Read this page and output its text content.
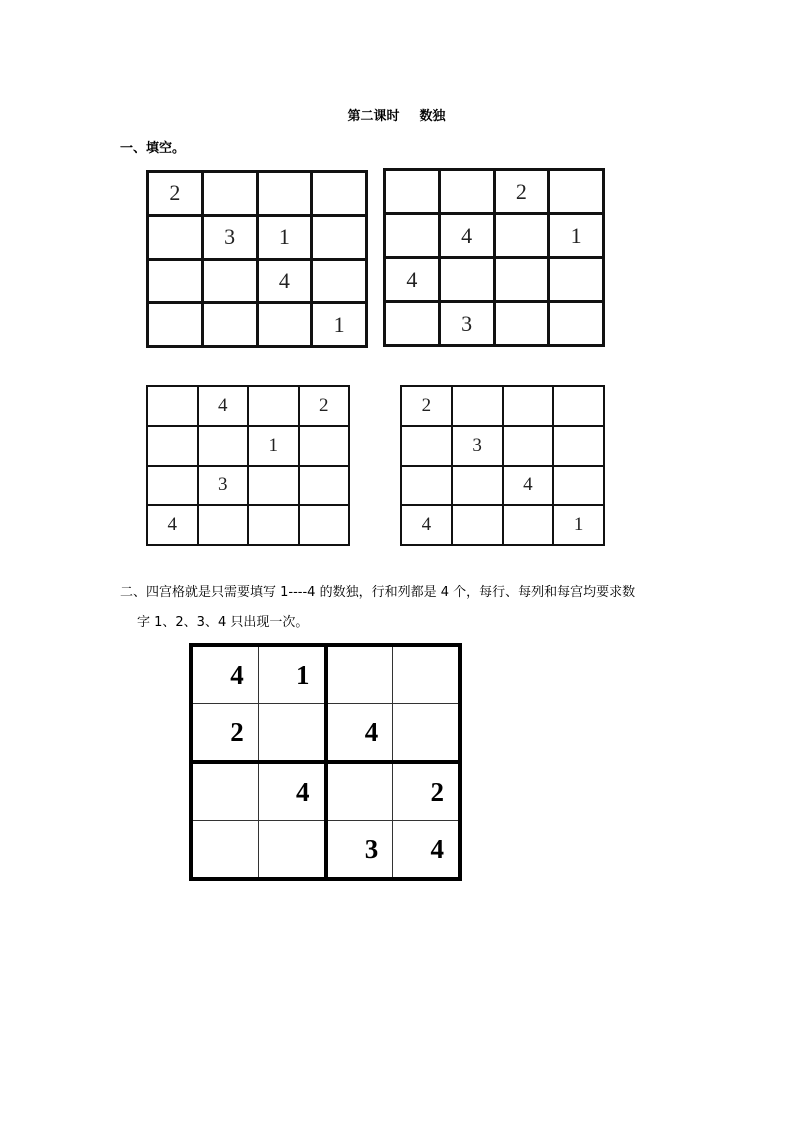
第二课时 数独
一、填空。
2			
	3	1	
		4	
			1
		2	
	4		1
4			
	3		
	4		2
		1	
	3		
4			
2			
	3		
		4	
4			1
二、四宫格就是只需要填写 1----4 的数独，行和列都是 4 个，每行、每列和每宫均要求数
字 1、2、3、4 只出现一次。
4	1		
2		4	
	4		2
		3	4
